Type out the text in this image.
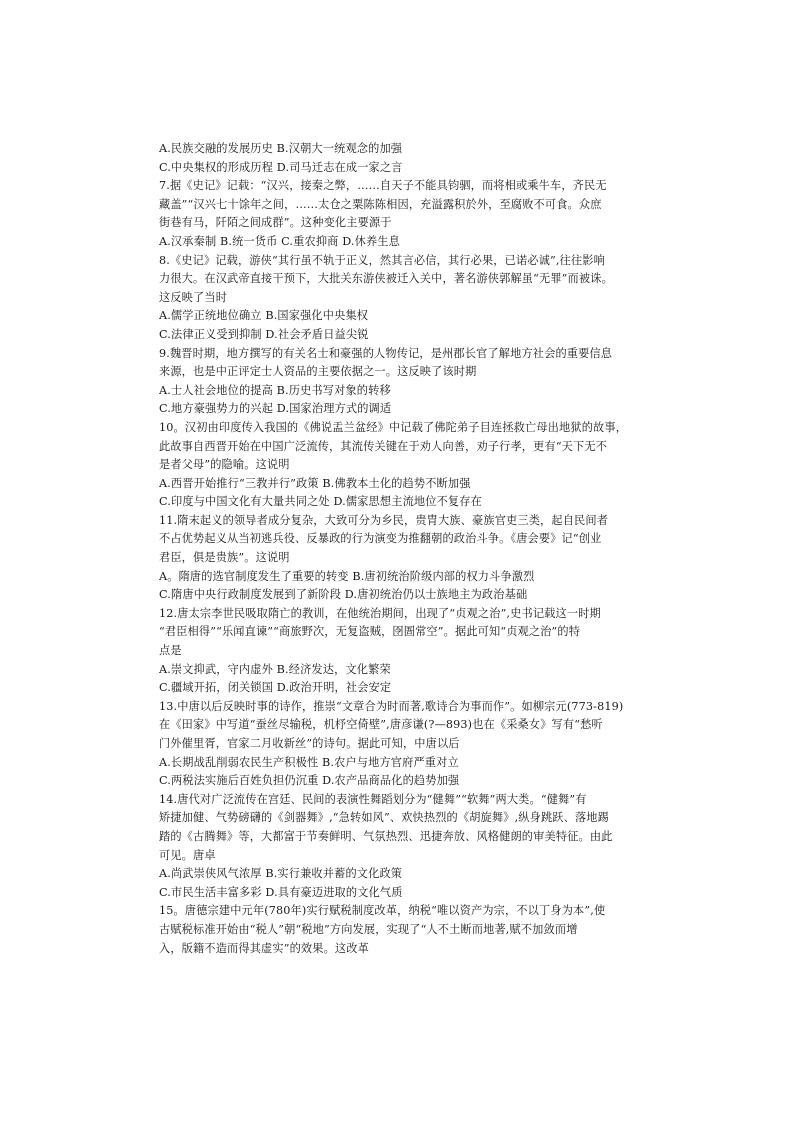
A.民族交融的发展历史 B.汉朝大一统观念的加强
C.中央集权的形成历程 D.司马迁志在成一家之言
7.据《史记》记载：“汉兴，接秦之弊，……自天子不能具钧驷，而将相或乘牛车，齐民无
藏盖”“汉兴七十馀年之间，……太仓之粟陈陈相因，充溢露积於外，至腐败不可食。众庶
街巷有马，阡陌之间成群”。这种变化主要源于
A.汉承秦制 B.统一货币 C.重农抑商 D.休养生息
8.《史记》记载，游侠“其行虽不轨于正义，然其言必信，其行必果，已诺必诚”,往往影响
力很大。在汉武帝直接干预下，大批关东游侠被迁入关中，著名游侠郭解虽“无罪”而被诛。
这反映了当时
A.儒学正统地位确立 B.国家强化中央集权
C.法律正义受到抑制 D.社会矛盾日益尖锐
9.魏晋时期，地方撰写的有关名士和豪强的人物传记，是州郡长官了解地方社会的重要信息
来源，也是中正评定士人资品的主要依据之一。这反映了该时期
A.士人社会地位的提高 B.历史书写对象的转移
C.地方豪强势力的兴起 D.国家治理方式的调适
10。汉初由印度传入我国的《佛说盂兰盆经》中记载了佛陀弟子目连拯救亡母出地狱的故事，
此故事自西晋开始在中国广泛流传，其流传关键在于劝人向善，劝子行孝，更有“天下无不
是者父母”的隐喻。这说明
A.西晋开始推行“三教并行”政策 B.佛教本土化的趋势不断加强
C.印度与中国文化有大量共同之处 D.儒家思想主流地位不复存在
11.隋末起义的领导者成分复杂，大致可分为乡民，贵胄大族、豪族官吏三类，起自民间者
不占优势起义从当初逃兵役、反暴政的行为演变为推翻朝的政治斗争。《唐会要》记“创业
君臣，俱是贵族”。这说明
A。隋唐的选官制度发生了重要的转变 B.唐初统治阶级内部的权力斗争激烈
C.隋唐中央行政制度发展到了新阶段 D.唐初统治仍以士族地主为政治基础
12.唐太宗李世民吸取隋亡的教训，在他统治期间，出现了“贞观之治”,史书记载这一时期
“君臣相得”“乐闻直谏”“商旅野次，无复盗贼，囹圄常空”。据此可知“贞观之治”的特
点是
A.崇文抑武，守内虚外 B.经济发达，文化繁荣
C.疆域开拓，闭关锁国 D.政治开明，社会安定
13.中唐以后反映时事的诗作，推崇“文章合为时而著,歌诗合为事而作”。如柳宗元(773-819)
在《田家》中写道“蚕丝尽输税，机杼空倚壁”,唐彦谦(?—893)也在《采桑女》写有“愁听
门外催里胥，官家二月收新丝”的诗句。据此可知，中唐以后
A.长期战乱削弱农民生产积极性 B.农户与地方官府严重对立
C.两税法实施后百姓负担仍沉重 D.农产品商品化的趋势加强
14.唐代对广泛流传在宫廷、民间的表演性舞蹈划分为“健舞”“软舞”两大类。“健舞”有
矫捷加健、气势磅礴的《剑器舞》,“急转如风”、欢快热烈的《胡旋舞》,纵身跳跃、落地踢
踏的《古腾舞》等，大都富于节奏鲜明、气氛热烈、迅捷奔放、风格健朗的审美特征。由此
可见。唐卓
A.尚武崇侠风气浓厚 B.实行兼收并蓄的文化政策
C.市民生活丰富多彩 D.具有豪迈进取的文化气质
15。唐德宗建中元年(780年)实行赋税制度改革，纳税“唯以资产为宗，不以丁身为本”,使
古赋税标准开始由“税人”朝“税地”方向发展，实现了“人不土断而地著,赋不加敛而增
入，版籍不造而得其虚实”的效果。这改革
